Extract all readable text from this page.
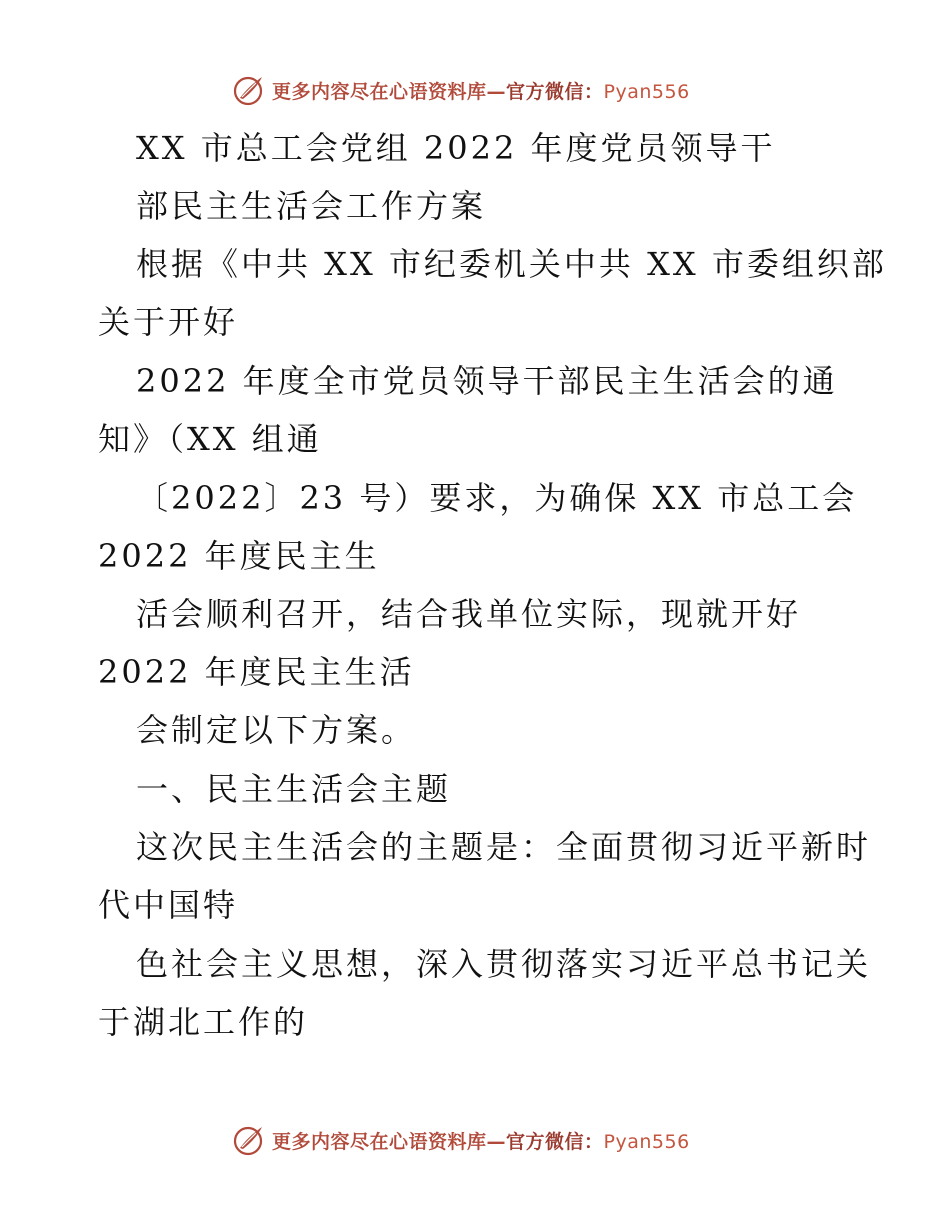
更多内容尽在心语资料库—官方微信：Pyan556
XX 市总工会党组 2022 年度党员领导干
部民主生活会工作方案
根据《中共 XX 市纪委机关中共 XX 市委组织部
关于开好
2022 年度全市党员领导干部民主生活会的通
知》（XX 组通
〔2022〕23 号）要求，为确保 XX 市总工会
2022 年度民主生
活会顺利召开，结合我单位实际，现就开好
2022 年度民主生活
会制定以下方案。
一、民主生活会主题
这次民主生活会的主题是：全面贯彻习近平新时
代中国特
色社会主义思想，深入贯彻落实习近平总书记关
于湖北工作的
更多内容尽在心语资料库—官方微信：Pyan556
